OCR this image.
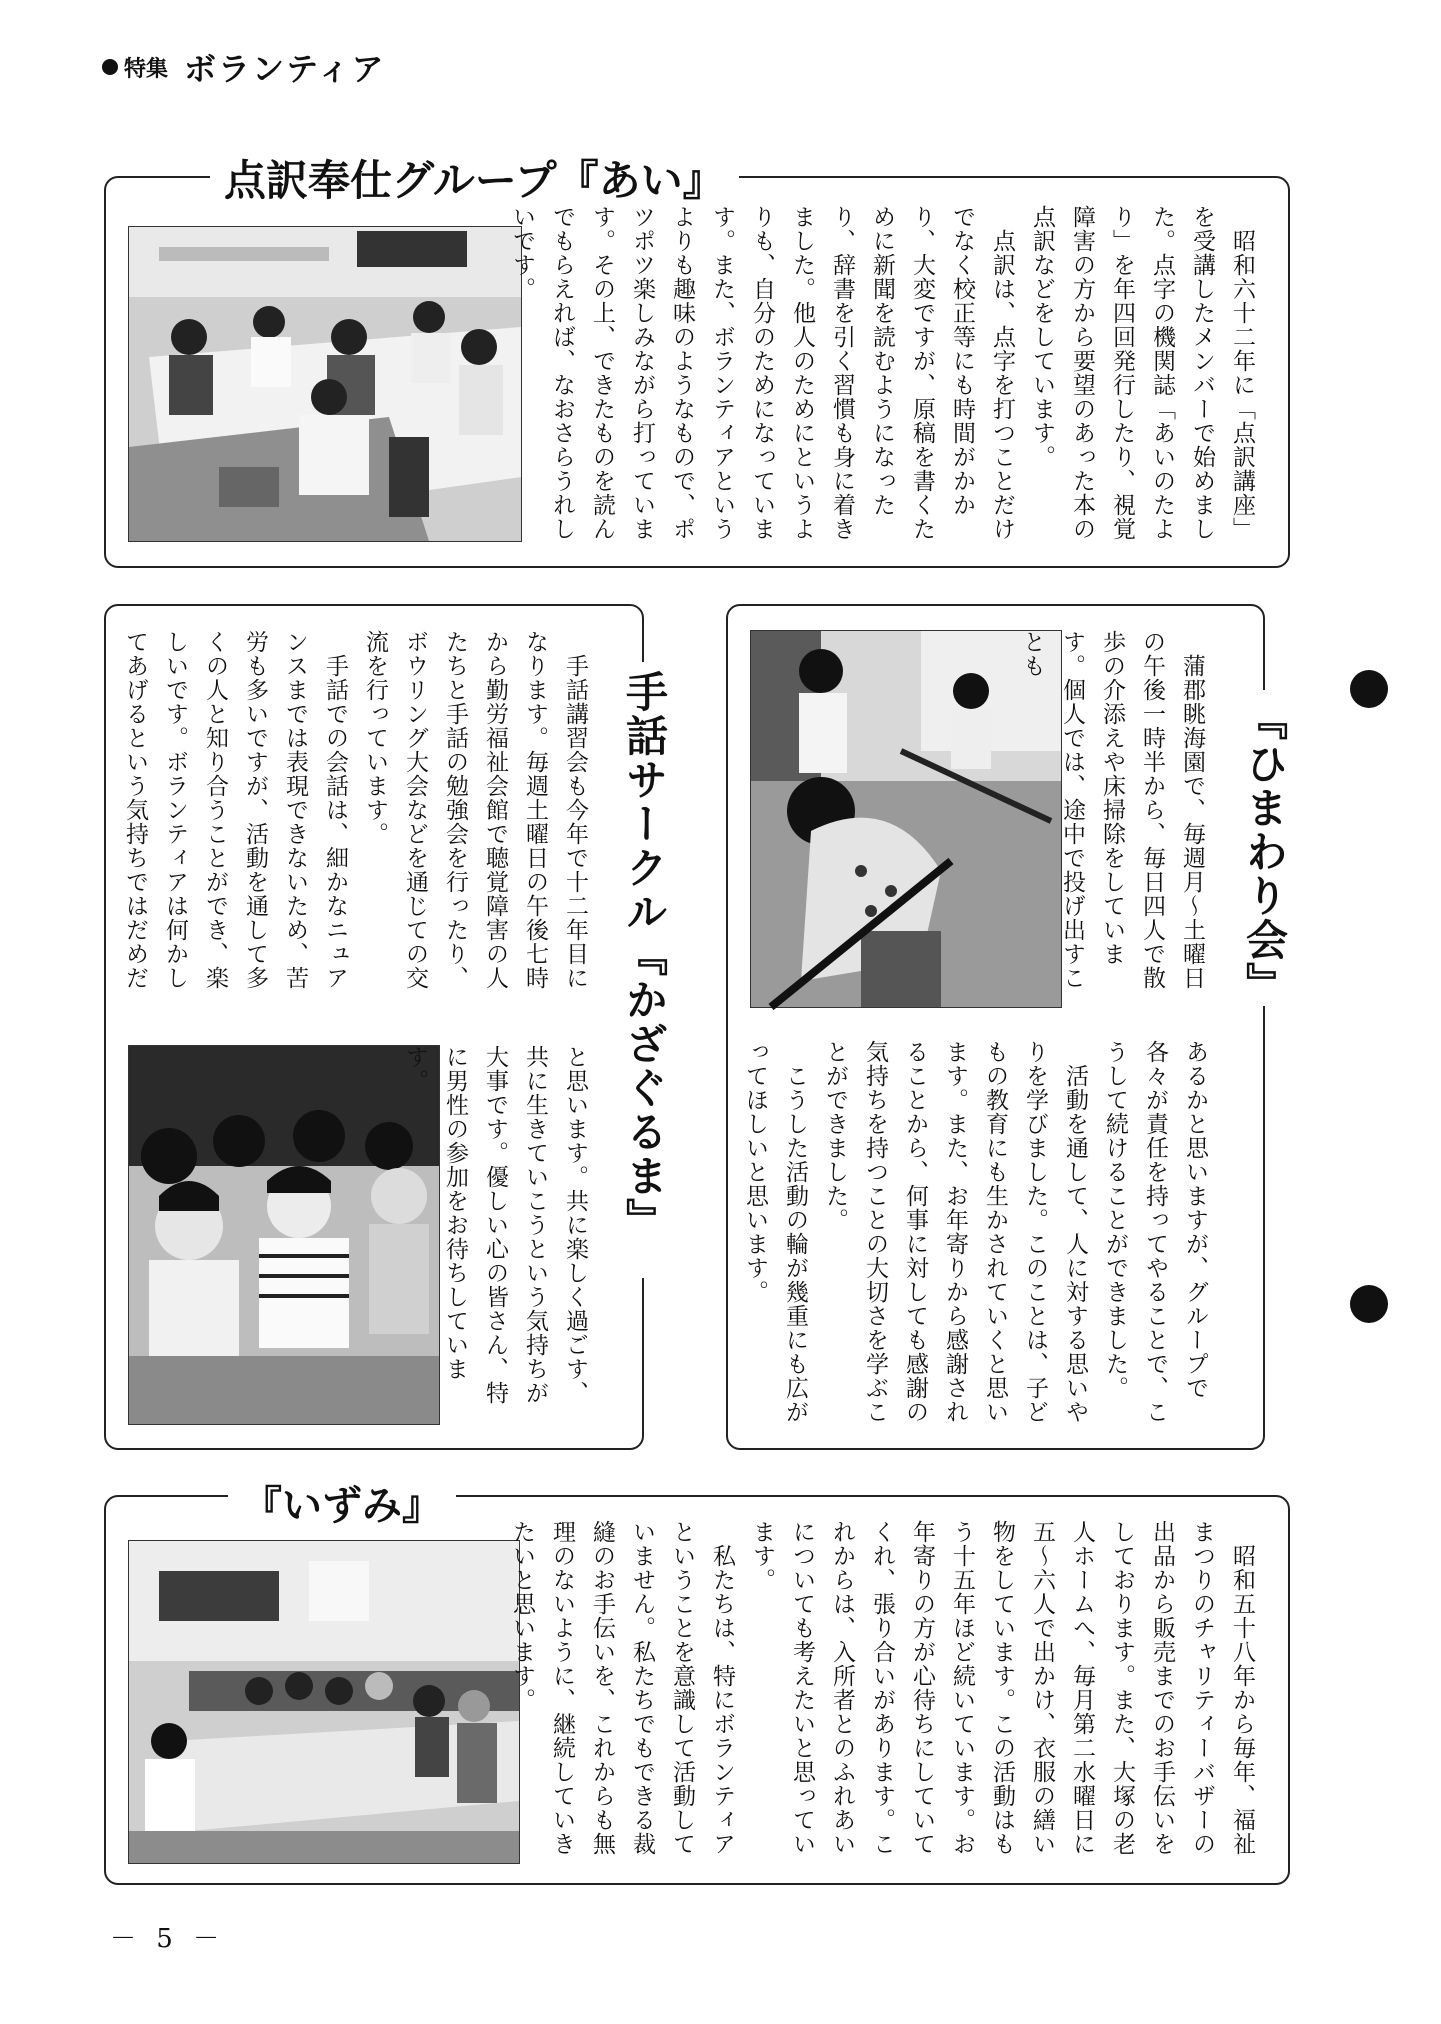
特集 ボランティア
点訳奉仕グループ『あい』
　昭和六十二年に「点訳講座」を受講したメンバーで始めました。点字の機関誌「あいのたより」を年四回発行したり、視覚障害の方から要望のあった本の点訳などをしています。
　点訳は、点字を打つことだけでなく校正等にも時間がかかり、大変ですが、原稿を書くために新聞を読むようになったり、辞書を引く習慣も身に着きました。他人のためにというよりも、自分のためになっています。また、ボランティアというよりも趣味のようなもので、ポツポツ楽しみながら打っています。その上、できたものを読んでもらえれば、なおさらうれしいです。
手話サークル『かざぐるま』
　手話講習会も今年で十二年目になります。毎週土曜日の午後七時から勤労福祉会館で聴覚障害の人たちと手話の勉強会を行ったり、ボウリング大会などを通じての交流を行っています。
　手話での会話は、細かなニュアンスまでは表現できないため、苦労も多いですが、活動を通して多くの人と知り合うことができ、楽しいです。ボランティアは何かしてあげるという気持ちではだめだ
と思います。共に楽しく過ごす、共に生きていこうという気持ちが大事です。優しい心の皆さん、特に男性の参加をお待ちしています。
『ひまわり会』
　蒲郡眺海園で、毎週月〜土曜日の午後一時半から、毎日四人で散歩の介添えや床掃除をしています。個人では、途中で投げ出すことも
あるかと思いますが、グループで各々が責任を持ってやることで、こうして続けることができました。
　活動を通して、人に対する思いやりを学びました。このことは、子どもの教育にも生かされていくと思います。また、お年寄りから感謝されることから、何事に対しても感謝の気持ちを持つことの大切さを学ぶことができました。
　こうした活動の輪が幾重にも広がってほしいと思います。
『いずみ』
　昭和五十八年から毎年、福祉まつりのチャリティーバザーの出品から販売までのお手伝いをしております。また、大塚の老人ホームへ、毎月第二水曜日に五〜六人で出かけ、衣服の繕い物をしています。この活動はもう十五年ほど続いています。お年寄りの方が心待ちにしていてくれ、張り合いがあります。これからは、入所者とのふれあいについても考えたいと思っています。
　私たちは、特にボランティアということを意識して活動していません。私たちでもできる裁縫のお手伝いを、これからも無理のないように、継続していきたいと思います。
－ 5 －
